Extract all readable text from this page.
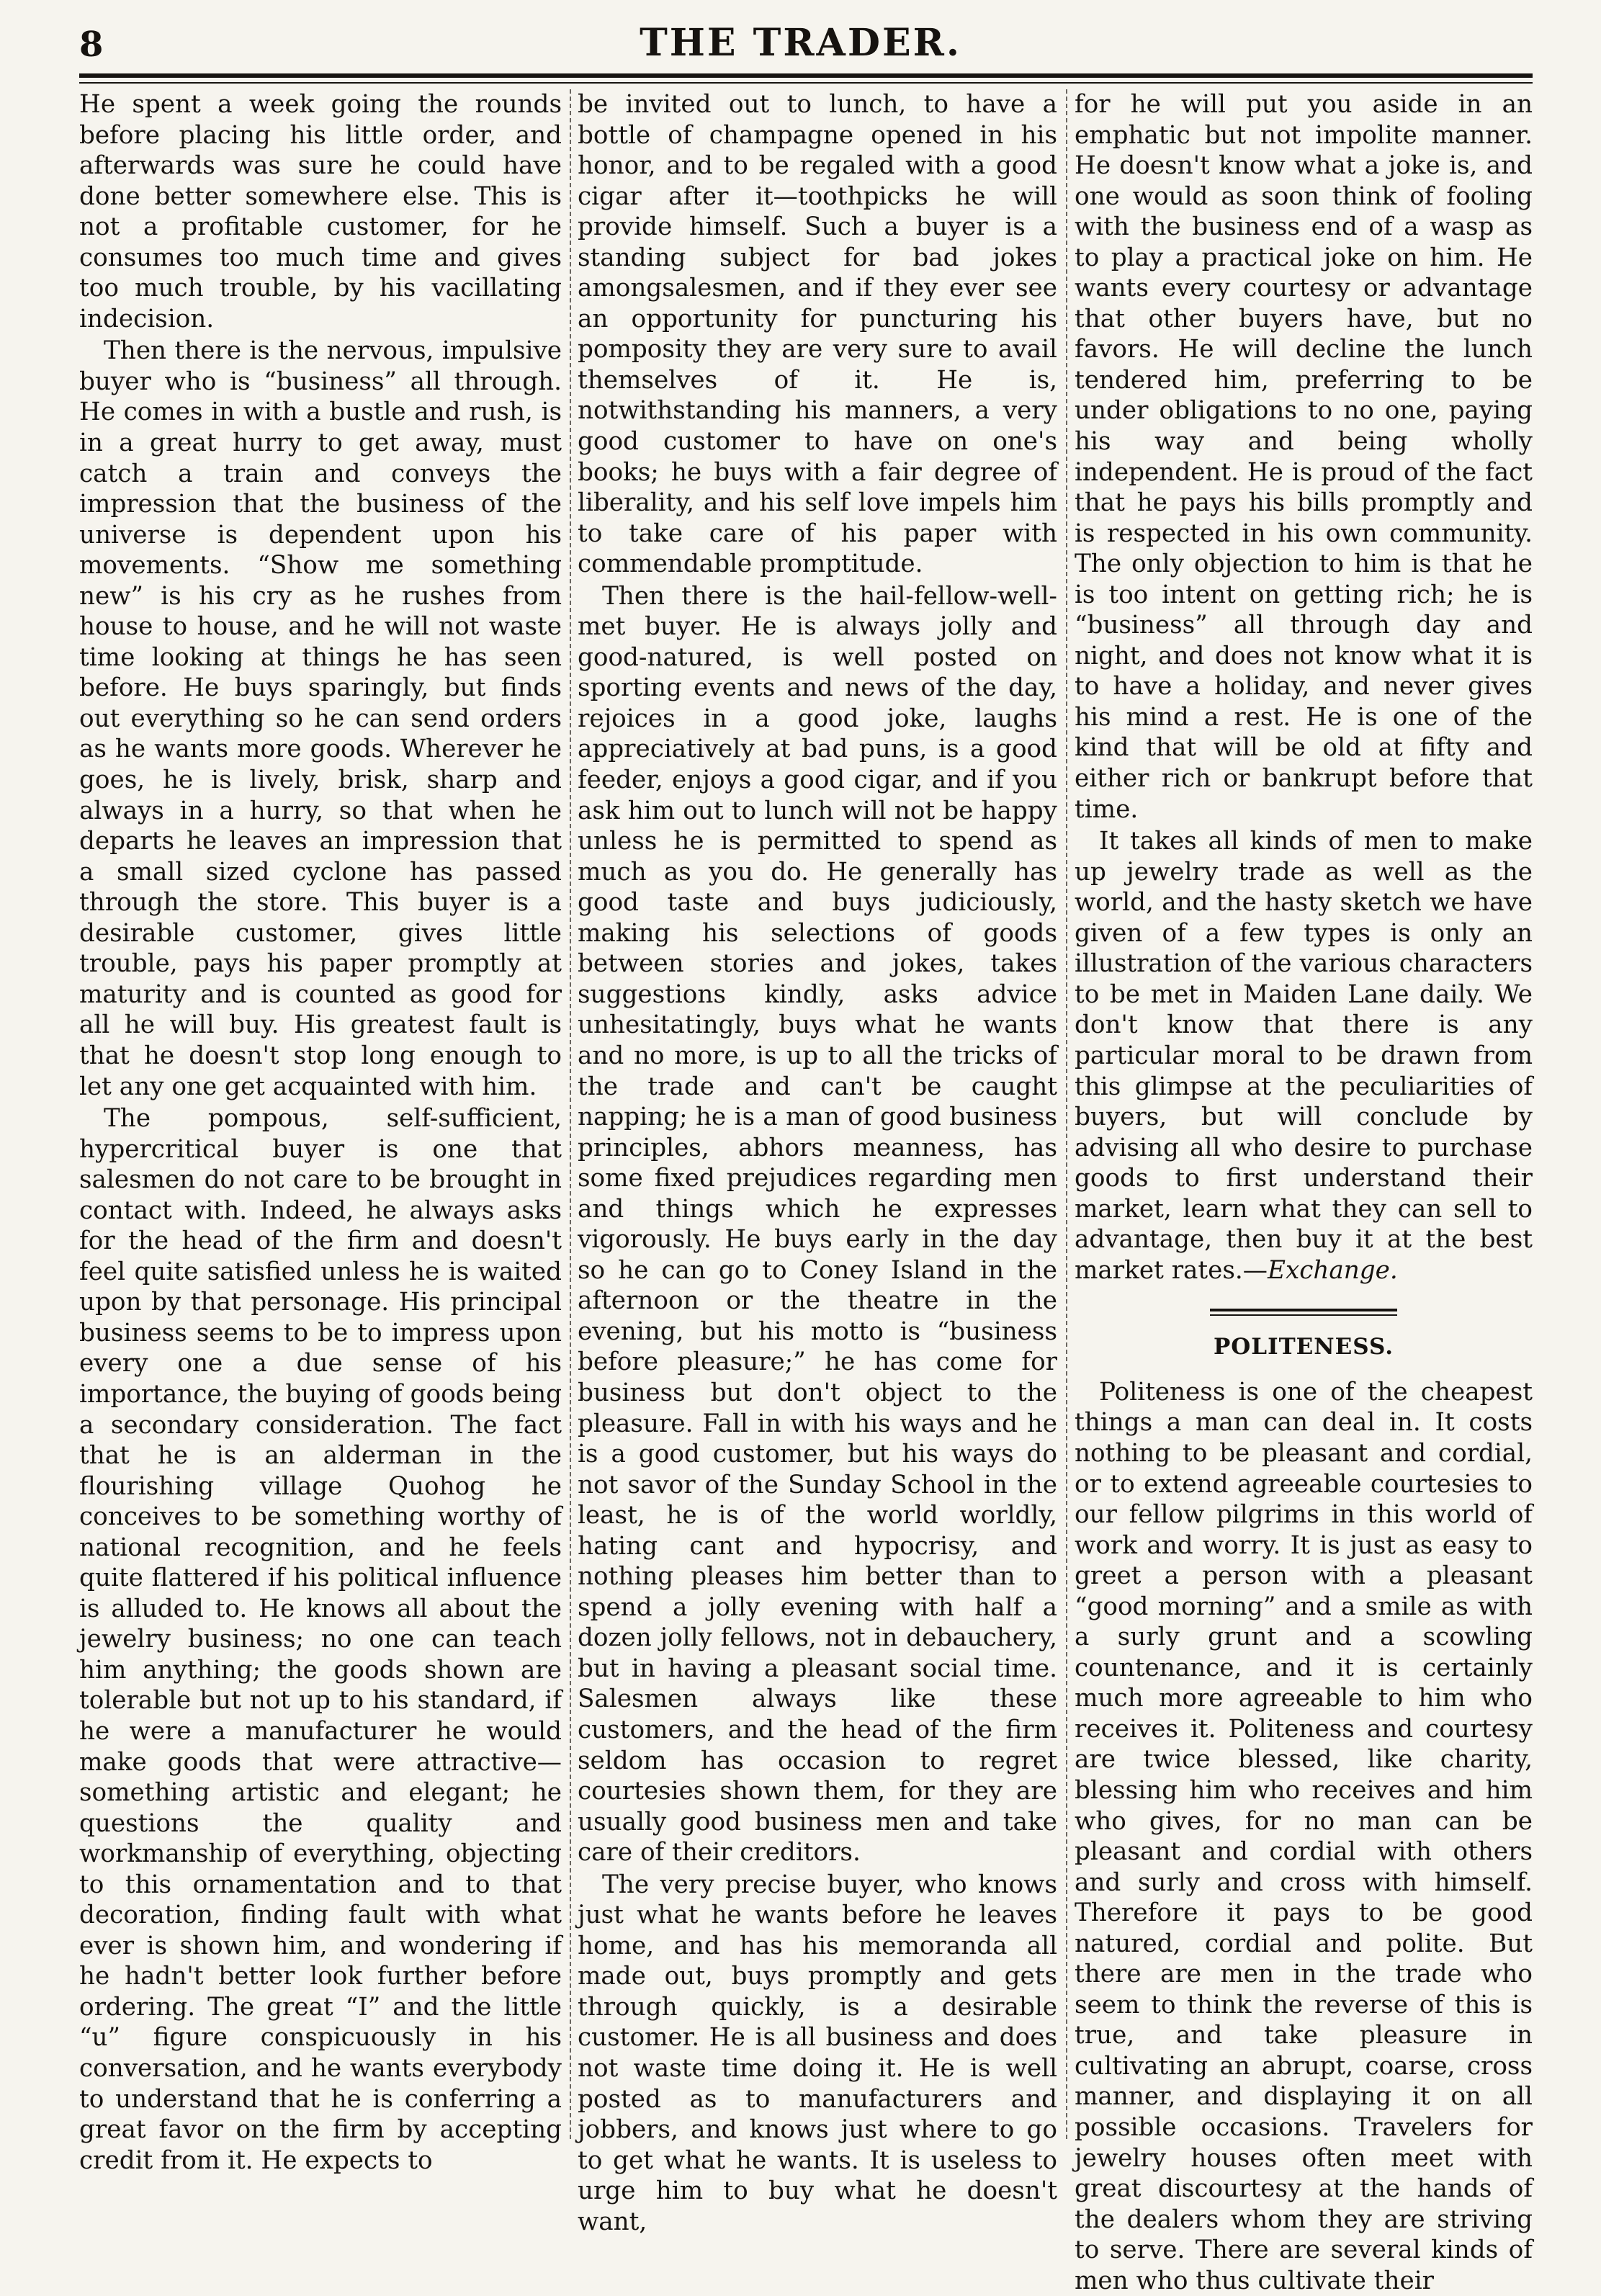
8	THE TRADER.

He spent a week going the rounds before placing his little order, and afterwards was sure he could have done better somewhere else. This is not a profitable customer, for he consumes too much time and gives too much trouble, by his vacillating indecision.

Then there is the nervous, impulsive buyer who is “business” all through. He comes in with a bustle and rush, is in a great hurry to get away, must catch a train and conveys the impression that the business of the universe is dependent upon his movements. “Show me something new” is his cry as he rushes from house to house, and he will not waste time looking at things he has seen before. He buys sparingly, but finds out everything so he can send orders as he wants more goods. Wherever he goes, he is lively, brisk, sharp and always in a hurry, so that when he departs he leaves an impression that a small sized cyclone has passed through the store. This buyer is a desirable customer, gives little trouble, pays his paper promptly at maturity and is counted as good for all he will buy. His greatest fault is that he doesn't stop long enough to let any one get acquainted with him.

The pompous, self-sufficient, hypercritical buyer is one that salesmen do not care to be brought in contact with. Indeed, he always asks for the head of the firm and doesn't feel quite satisfied unless he is waited upon by that personage. His principal business seems to be to impress upon every one a due sense of his importance, the buying of goods being a secondary consideration. The fact that he is an alderman in the flourishing village Quohog he conceives to be something worthy of national recognition, and he feels quite flattered if his political influence is alluded to. He knows all about the jewelry business; no one can teach him anything; the goods shown are tolerable but not up to his standard, if he were a manufacturer he would make goods that were attractive—something artistic and elegant; he questions the quality and workmanship of everything, objecting to this ornamentation and to that decoration, finding fault with what ever is shown him, and wondering if he hadn't better look further before ordering. The great “I” and the little “u” figure conspicuously in his conversation, and he wants everybody to understand that he is conferring a great favor on the firm by accepting credit from it. He expects to

be invited out to lunch, to have a bottle of champagne opened in his honor, and to be regaled with a good cigar after it—toothpicks he will provide himself. Such a buyer is a standing subject for bad jokes amongsalesmen, and if they ever see an opportunity for puncturing his pomposity they are very sure to avail themselves of it. He is, notwithstanding his manners, a very good customer to have on one's books; he buys with a fair degree of liberality, and his self love impels him to take care of his paper with commendable promptitude.

Then there is the hail-fellow-well-met buyer. He is always jolly and good-natured, is well posted on sporting events and news of the day, rejoices in a good joke, laughs appreciatively at bad puns, is a good feeder, enjoys a good cigar, and if you ask him out to lunch will not be happy unless he is permitted to spend as much as you do. He generally has good taste and buys judiciously, making his selections of goods between stories and jokes, takes suggestions kindly, asks advice unhesitatingly, buys what he wants and no more, is up to all the tricks of the trade and can't be caught napping; he is a man of good business principles, abhors meanness, has some fixed prejudices regarding men and things which he expresses vigorously. He buys early in the day so he can go to Coney Island in the afternoon or the theatre in the evening, but his motto is “business before pleasure;” he has come for business but don't object to the pleasure. Fall in with his ways and he is a good customer, but his ways do not savor of the Sunday School in the least, he is of the world worldly, hating cant and hypocrisy, and nothing pleases him better than to spend a jolly evening with half a dozen jolly fellows, not in debauchery, but in having a pleasant social time. Salesmen always like these customers, and the head of the firm seldom has occasion to regret courtesies shown them, for they are usually good business men and take care of their creditors.

The very precise buyer, who knows just what he wants before he leaves home, and has his memoranda all made out, buys promptly and gets through quickly, is a desirable customer. He is all business and does not waste time doing it. He is well posted as to manufacturers and jobbers, and knows just where to go to get what he wants. It is useless to urge him to buy what he doesn't want,

for he will put you aside in an emphatic but not impolite manner. He doesn't know what a joke is, and one would as soon think of fooling with the business end of a wasp as to play a practical joke on him. He wants every courtesy or advantage that other buyers have, but no favors. He will decline the lunch tendered him, preferring to be under obligations to no one, paying his way and being wholly independent. He is proud of the fact that he pays his bills promptly and is respected in his own community. The only objection to him is that he is too intent on getting rich; he is “business” all through day and night, and does not know what it is to have a holiday, and never gives his mind a rest. He is one of the kind that will be old at fifty and either rich or bankrupt before that time.

It takes all kinds of men to make up jewelry trade as well as the world, and the hasty sketch we have given of a few types is only an illustration of the various characters to be met in Maiden Lane daily. We don't know that there is any particular moral to be drawn from this glimpse at the peculiarities of buyers, but will conclude by advising all who desire to purchase goods to first understand their market, learn what they can sell to advantage, then buy it at the best market rates.—Exchange.

POLITENESS.

Politeness is one of the cheapest things a man can deal in. It costs nothing to be pleasant and cordial, or to extend agreeable courtesies to our fellow pilgrims in this world of work and worry. It is just as easy to greet a person with a pleasant “good morning” and a smile as with a surly grunt and a scowling countenance, and it is certainly much more agreeable to him who receives it. Politeness and courtesy are twice blessed, like charity, blessing him who receives and him who gives, for no man can be pleasant and cordial with others and surly and cross with himself. Therefore it pays to be good natured, cordial and polite. But there are men in the trade who seem to think the reverse of this is true, and take pleasure in cultivating an abrupt, coarse, cross manner, and displaying it on all possible occasions. Travelers for jewelry houses often meet with great discourtesy at the hands of the dealers whom they are striving to serve. There are several kinds of men who thus cultivate their
